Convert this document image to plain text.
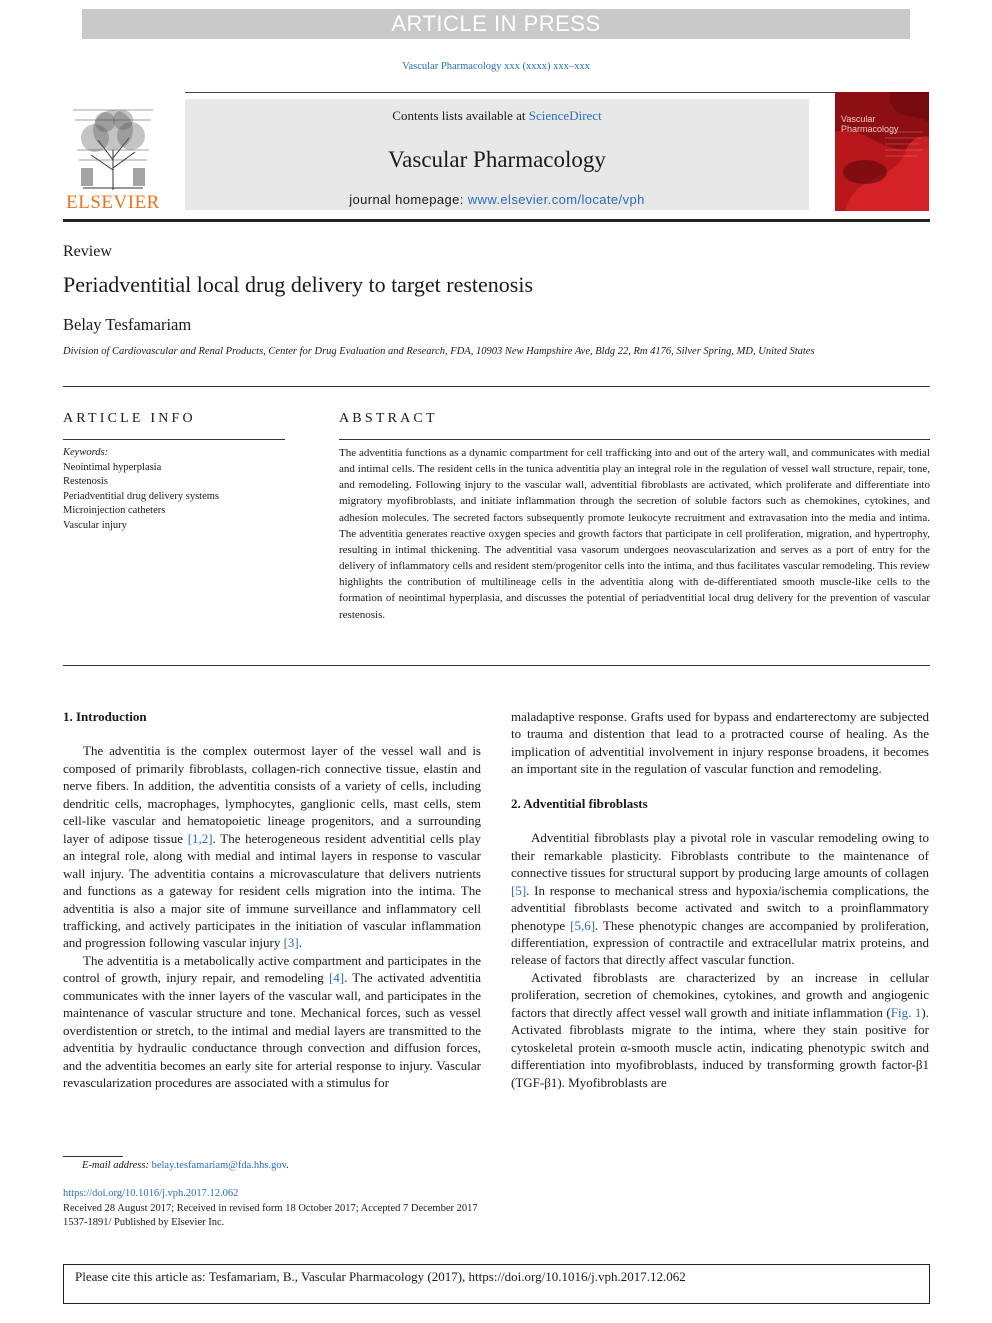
ARTICLE IN PRESS
Vascular Pharmacology xxx (xxxx) xxx–xxx
ELSEVIER
Contents lists available at ScienceDirect
Vascular Pharmacology
journal homepage: www.elsevier.com/locate/vph
Vascular Pharmacology
Review
Periadventitial local drug delivery to target restenosis
Belay Tesfamariam
Division of Cardiovascular and Renal Products, Center for Drug Evaluation and Research, FDA, 10903 New Hampshire Ave, Bldg 22, Rm 4176, Silver Spring, MD, United States
ARTICLE INFO	ABSTRACT
Keywords:
Neointimal hyperplasia
Restenosis
Periadventitial drug delivery systems
Microinjection catheters
Vascular injury
The adventitia functions as a dynamic compartment for cell trafficking into and out of the artery wall, and communicates with medial and intimal cells. The resident cells in the tunica adventitia play an integral role in the regulation of vessel wall structure, repair, tone, and remodeling. Following injury to the vascular wall, adventitial fibroblasts are activated, which proliferate and differentiate into migratory myofibroblasts, and initiate inflammation through the secretion of soluble factors such as chemokines, cytokines, and adhesion molecules. The secreted factors subsequently promote leukocyte recruitment and extravasation into the media and intima. The adventitia generates reactive oxygen species and growth factors that participate in cell proliferation, migration, and hypertrophy, resulting in intimal thickening. The adventitial vasa vasorum undergoes neovascularization and serves as a port of entry for the delivery of inflammatory cells and resident stem/progenitor cells into the intima, and thus facilitates vascular remodeling. This review highlights the contribution of multilineage cells in the adventitia along with de-differentiated smooth muscle-like cells to the formation of neointimal hyperplasia, and discusses the potential of periadventitial local drug delivery for the prevention of vascular restenosis.
1. Introduction

The adventitia is the complex outermost layer of the vessel wall and is composed of primarily fibroblasts, collagen-rich connective tissue, elastin and nerve fibers. In addition, the adventitia consists of a variety of cells, including dendritic cells, macrophages, lymphocytes, ganglionic cells, mast cells, stem cell-like vascular and hematopoietic lineage progenitors, and a surrounding layer of adipose tissue [1,2]. The heterogeneous resident adventitial cells play an integral role, along with medial and intimal layers in response to vascular wall injury. The adventitia contains a microvasculature that delivers nutrients and functions as a gateway for resident cells migration into the intima. The adventitia is also a major site of immune surveillance and inflammatory cell trafficking, and actively participates in the initiation of vascular inflammation and progression following vascular injury [3].

The adventitia is a metabolically active compartment and participates in the control of growth, injury repair, and remodeling [4]. The activated adventitia communicates with the inner layers of the vascular wall, and participates in the maintenance of vascular structure and tone. Mechanical forces, such as vessel overdistention or stretch, to the intimal and medial layers are transmitted to the adventitia by hydraulic conductance through convection and diffusion forces, and the adventitia becomes an early site for arterial response to injury. Vascular revascularization procedures are associated with a stimulus for

maladaptive response. Grafts used for bypass and endarterectomy are subjected to trauma and distention that lead to a protracted course of healing. As the implication of adventitial involvement in injury response broadens, it becomes an important site in the regulation of vascular function and remodeling.

2. Adventitial fibroblasts

Adventitial fibroblasts play a pivotal role in vascular remodeling owing to their remarkable plasticity. Fibroblasts contribute to the maintenance of connective tissues for structural support by producing large amounts of collagen [5]. In response to mechanical stress and hypoxia/ischemia complications, the adventitial fibroblasts become activated and switch to a proinflammatory phenotype [5,6]. These phenotypic changes are accompanied by proliferation, differentiation, expression of contractile and extracellular matrix proteins, and release of factors that directly affect vascular function.

Activated fibroblasts are characterized by an increase in cellular proliferation, secretion of chemokines, cytokines, and growth and angiogenic factors that directly affect vessel wall growth and initiate inflammation (Fig. 1). Activated fibroblasts migrate to the intima, where they stain positive for cytoskeletal protein α-smooth muscle actin, indicating phenotypic switch and differentiation into myofibroblasts, induced by transforming growth factor-β1 (TGF-β1). Myofibroblasts are

E-mail address: belay.tesfamariam@fda.hhs.gov.
https://doi.org/10.1016/j.vph.2017.12.062
Received 28 August 2017; Received in revised form 18 October 2017; Accepted 7 December 2017
1537-1891/ Published by Elsevier Inc.
Please cite this article as: Tesfamariam, B., Vascular Pharmacology (2017), https://doi.org/10.1016/j.vph.2017.12.062
